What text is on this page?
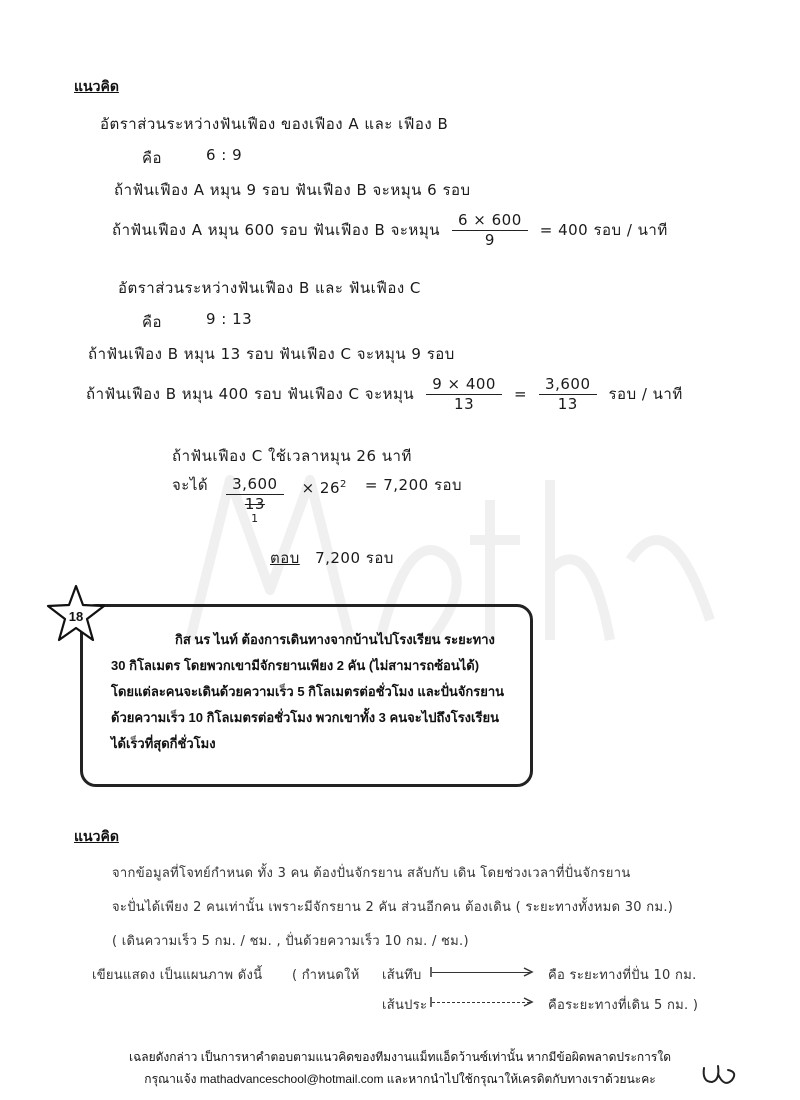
แนวคิด
อัตราส่วนระหว่างฟันเฟือง ของเฟือง A และ เฟือง B
คือ	6 : 9
ถ้าฟันเฟือง A หมุน 9 รอบ ฟันเฟือง B จะหมุน 6 รอบ
ถ้าฟันเฟือง A หมุน 600 รอบ ฟันเฟือง B จะหมุน $\frac{6 \times 600}{9} = 400$ รอบ / นาที
อัตราส่วนระหว่างฟันเฟือง B และ ฟันเฟือง C
คือ	9 : 13
ถ้าฟันเฟือง B หมุน 13 รอบ ฟันเฟือง C จะหมุน 9 รอบ
ถ้าฟันเฟือง B หมุน 400 รอบ ฟันเฟือง C จะหมุน $\frac{9 \times 400}{13} = \frac{3,600}{13}$ รอบ / นาที
ถ้าฟันเฟือง C ใช้เวลาหมุน 26 นาที
จะได้	3,600
13
1
× $26^2 = 7,200$ รอบ
ตอบ 7,200 รอบ
กิส นร ไนท์ ต้องการเดินทางจากบ้านไปโรงเรียน ระยะทาง
30 กิโลเมตร โดยพวกเขามีจักรยานเพียง 2 คัน (ไม่สามารถซ้อนได้)
โดยแต่ละคนจะเดินด้วยความเร็ว 5 กิโลเมตรต่อชั่วโมง และปั่นจักรยาน
ด้วยความเร็ว 10 กิโลเมตรต่อชั่วโมง พวกเขาทั้ง 3 คนจะไปถึงโรงเรียน
ได้เร็วที่สุดกี่ชั่วโมง
18
แนวคิด
จากข้อมูลที่โจทย์กำหนด ทั้ง 3 คน ต้องปั่นจักรยาน สลับกับ เดิน โดยช่วงเวลาที่ปั่นจักรยาน
จะปั่นได้เพียง 2 คนเท่านั้น เพราะมีจักรยาน 2 คัน ส่วนอีกคน ต้องเดิน ( ระยะทางทั้งหมด 30 กม.)
( เดินความเร็ว 5 กม. / ชม. , ปั่นด้วยความเร็ว 10 กม. / ชม.)
เขียนแสดง เป็นแผนภาพ ดังนี้ ( กำหนดให้ เส้นทึบ	คือ ระยะทางที่ปั่น 10 กม.
เส้นประ	คือระยะทางที่เดิน 5 กม. )
เฉลยดังกล่าว เป็นการหาคำตอบตามแนวคิดของทีมงานแม็ทแอ็ดว้านซ์เท่านั้น หากมีข้อผิดพลาดประการใด
กรุณาแจ้ง mathadvanceschool@hotmail.com และหากนำไปใช้กรุณาให้เครดิตกับทางเราด้วยนะคะ
